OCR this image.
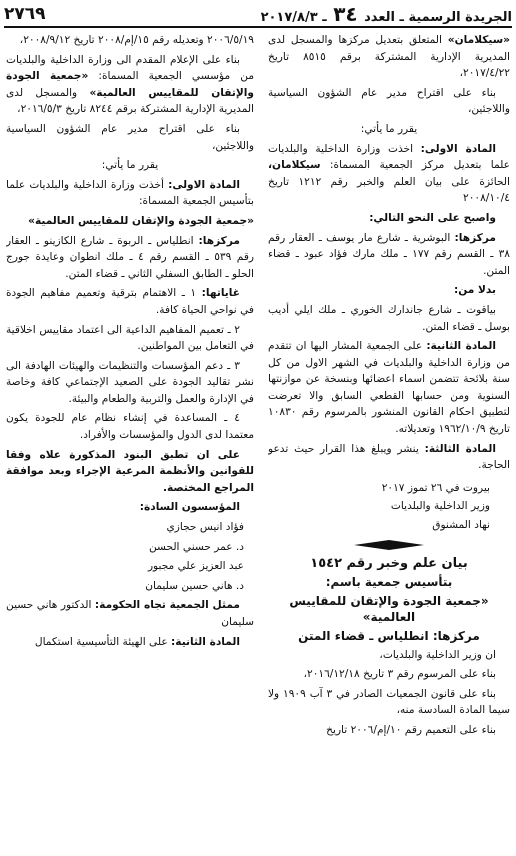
الجريدة الرسمية ـ العدد ٣٤ ـ ٢٠١٧/٨/٣
٢٧٦٩

«سيكلامان» المتعلق بتعديل مركزها والمسجل لدى المديرية الإدارية المشتركة برقم ٨٥١٥ تاريخ ٢٠١٧/٤/٢٢،

بناء على اقتراح مدير عام الشؤون السياسية واللاجئين،

يقرر ما يأتي:

المادة الاولى: اخذت وزارة الداخلية والبلديات علما بتعديل مركز الجمعية المسماة: سيكلامان، الحائزة على بيان العلم والخبر رقم ١٢١٢ تاريخ ٢٠٠٨/١٠/٤

واصبح على النحو التالي:

مركزها: البوشرية ـ شارع مار يوسف ـ العقار رقم ٣٨ ـ القسم رقم ١٧٧ ـ ملك مارك فؤاد عبود ـ قضاء المتن.

بدلا من:

بياقوت ـ شارع جاندارك الخوري ـ ملك ايلي أديب بوسل ـ قضاء المتن.

المادة الثانية: على الجمعية المشار اليها ان تتقدم من وزارة الداخلية والبلديات في الشهر الاول من كل سنة بلائحة تتضمن اسماء اعضائها وبنسخة عن موازنتها السنوية ومن حسابها القطعي السابق والا تعرضت لتطبيق احكام القانون المنشور بالمرسوم رقم ١٠٨٣٠ تاريخ ١٩٦٢/١٠/٩ وتعديلاته.

المادة الثالثة: ينشر ويبلغ هذا القرار حيث تدعو الحاجة.

بيروت في ٢٦ تموز ٢٠١٧

وزير الداخلية والبلديات

نهاد المشنوق

بيان علم وخبر رقم ١٥٤٢
بتأسيس جمعية باسم:
«جمعية الجودة والإتقان للمقاييس العالمية»
مركزها: انطلياس ـ قضاء المتن

ان وزير الداخلية والبلديات،

بناء على المرسوم رقم ٣ تاريخ ٢٠١٦/١٢/١٨،

بناء على قانون الجمعيات الصادر في ٣ آب ١٩٠٩ ولا سيما المادة السادسة منه،

بناء على التعميم رقم ١٠/إم/٢٠٠٦ تاريخ

٢٠٠٦/٥/١٩ وتعديله رقم ١٥/إم/٢٠٠٨ تاريخ ٢٠٠٨/٩/١٢،

بناء على الإعلام المقدم الى وزارة الداخلية والبلديات من مؤسسي الجمعية المسماة: «جمعية الجودة والإتقان للمقاييس العالمية» والمسجل لدى المديرية الإدارية المشتركة برقم ٨٢٤٤ تاريخ ٢٠١٦/٥/٣،

بناء على اقتراح مدير عام الشؤون السياسية واللاجئين،

يقرر ما يأتي:

المادة الاولى: أخذت وزارة الداخلية والبلديات علما بتأسيس الجمعية المسماة:

«جمعية الجودة والإتقان للمقاييس العالمية»

مركزها: انطلياس ـ الربوة ـ شارع الكازينو ـ العقار رقم ٥٣٩ ـ القسم رقم ٤ ـ ملك انطوان وعايدة جورج الحلو ـ الطابق السفلي الثاني ـ قضاء المتن.

غاياتها: ١ ـ الاهتمام بترقية وتعميم مفاهيم الجودة في نواحي الحياة كافة.

٢ ـ تعميم المفاهيم الداعية الى اعتماد مقاييس اخلاقية في التعامل بين المواطنين.

٣ ـ دعم المؤسسات والتنظيمات والهيئات الهادفة الى نشر تقاليد الجودة على الصعيد الإجتماعي كافة وخاصة في الإدارة والعمل والتربية والطعام والبيئة.

٤ ـ المساعدة في إنشاء نظام عام للجودة يكون معتمدا لدى الدول والمؤسسات والأفراد.

على ان تطبق البنود المذكورة علاه وفقا للقوانين والأنظمة المرعية الإجراء وبعد موافقة المراجع المختصة.

المؤسسون السادة:

فؤاد انيس حجازي

د. عمر حسني الحسن

عبد العزيز علي مجبور

د. هاني حسين سليمان

ممثل الجمعية تجاه الحكومة: الدكتور هاني حسين سليمان

المادة الثانية: على الهيئة التأسيسية استكمال
